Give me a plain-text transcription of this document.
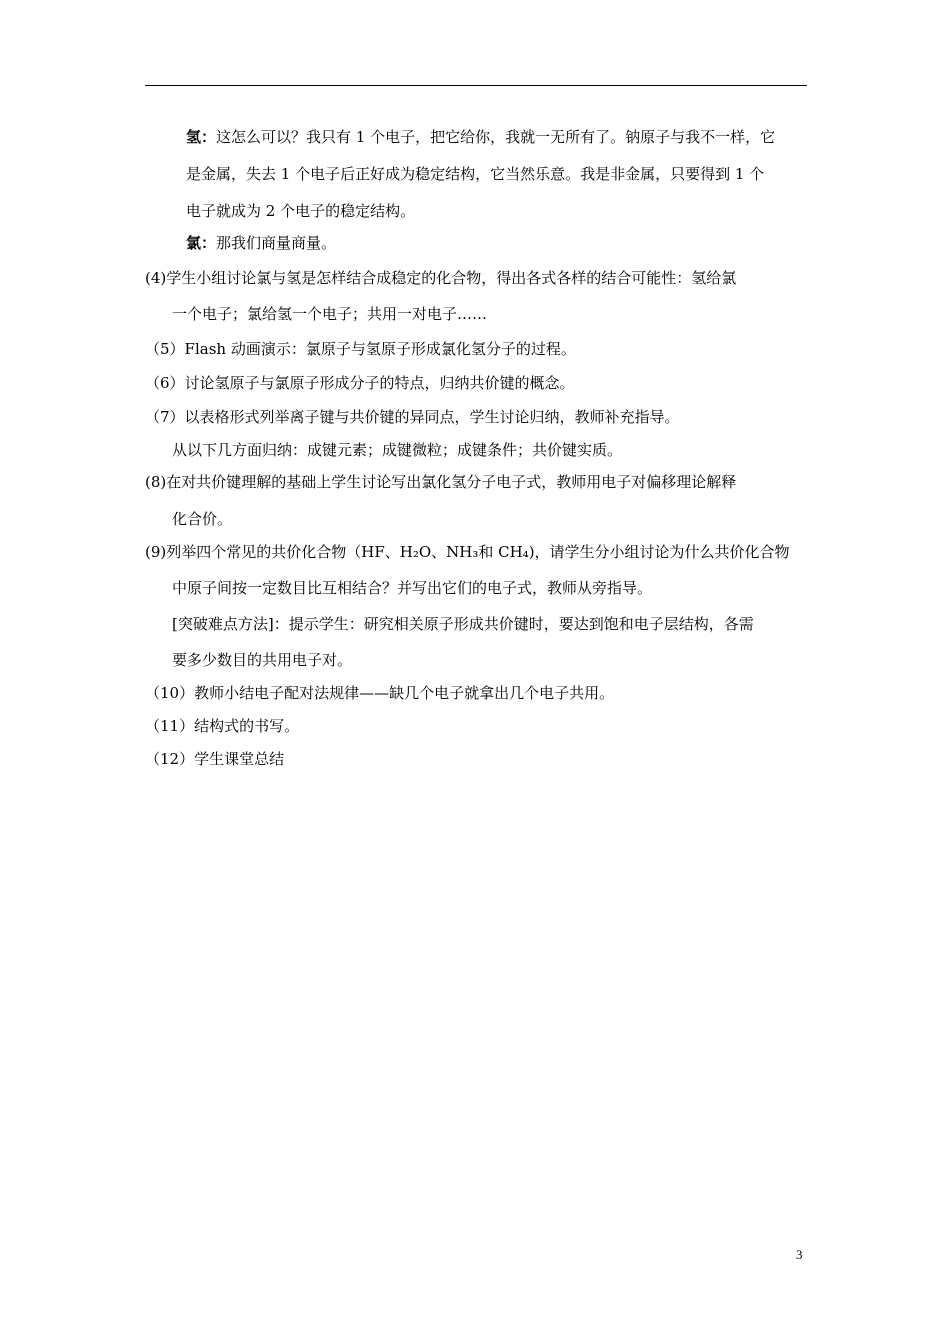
氢：这怎么可以？我只有 1 个电子，把它给你，我就一无所有了。钠原子与我不一样，它
是金属，失去 1 个电子后正好成为稳定结构，它当然乐意。我是非金属，只要得到 1 个
电子就成为 2 个电子的稳定结构。
氯：那我们商量商量。
(4)学生小组讨论氯与氢是怎样结合成稳定的化合物，得出各式各样的结合可能性：氢给氯
一个电子；氯给氢一个电子；共用一对电子……
（5）Flash 动画演示：氯原子与氢原子形成氯化氢分子的过程。
（6）讨论氢原子与氯原子形成分子的特点，归纳共价键的概念。
（7）以表格形式列举离子键与共价键的异同点，学生讨论归纳，教师补充指导。
从以下几方面归纳：成键元素；成键微粒；成键条件；共价键实质。
(8)在对共价键理解的基础上学生讨论写出氯化氢分子电子式，教师用电子对偏移理论解释
化合价。
(9)列举四个常见的共价化合物（HF、H₂O、NH₃和 CH₄)，请学生分小组讨论为什么共价化合物
中原子间按一定数目比互相结合？并写出它们的电子式，教师从旁指导。
[突破难点方法]：提示学生：研究相关原子形成共价键时，要达到饱和电子层结构，各需
要多少数目的共用电子对。
（10）教师小结电子配对法规律——缺几个电子就拿出几个电子共用。
（11）结构式的书写。
（12）学生课堂总结
3
